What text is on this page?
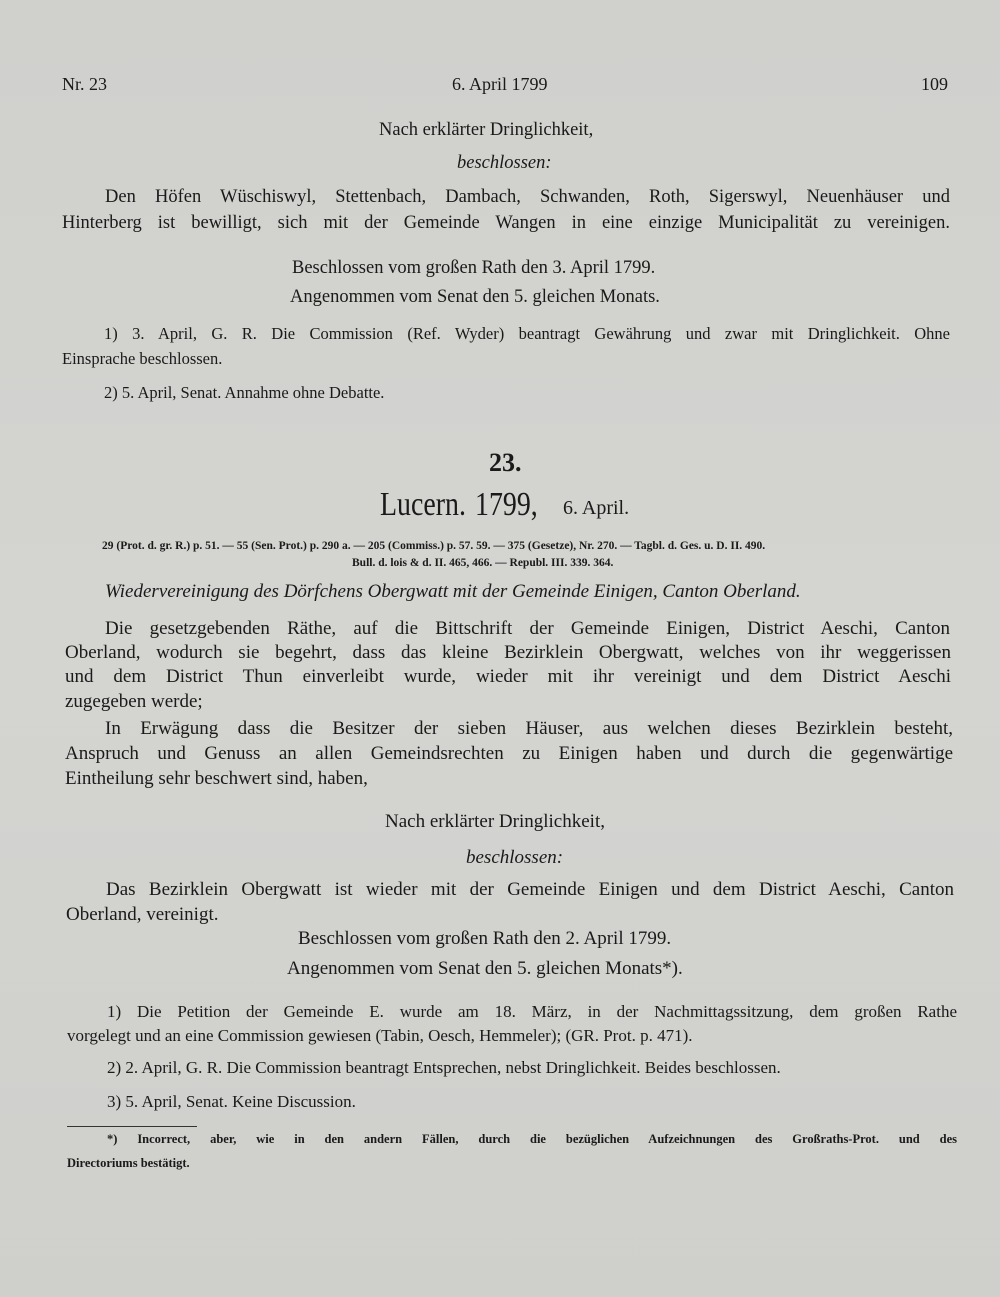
Nr. 23	6. April 1799	109
Nach erklärter Dringlichkeit,
beschlossen:
Den Höfen Wüschiswyl, Stettenbach, Dambach, Schwanden, Roth, Sigerswyl, Neuenhäuser und
Hinterberg ist bewilligt, sich mit der Gemeinde Wangen in eine einzige Municipalität zu vereinigen.
Beschlossen vom großen Rath den 3. April 1799.
Angenommen vom Senat den 5. gleichen Monats.
1) 3. April, G. R. Die Commission (Ref. Wyder) beantragt Gewährung und zwar mit Dringlichkeit. Ohne
Einsprache beschlossen.
2) 5. April, Senat. Annahme ohne Debatte.
23.
Lucern. 1799, 6. April.
29 (Prot. d. gr. R.) p. 51. — 55 (Sen. Prot.) p. 290 a. — 205 (Commiss.) p. 57. 59. — 375 (Gesetze), Nr. 270. — Tagbl. d. Ges. u. D. II. 490.
Bull. d. lois & d. II. 465, 466. — Republ. III. 339. 364.
Wiedervereinigung des Dörfchens Obergwatt mit der Gemeinde Einigen, Canton Oberland.
Die gesetzgebenden Räthe, auf die Bittschrift der Gemeinde Einigen, District Aeschi, Canton
Oberland, wodurch sie begehrt, dass das kleine Bezirklein Obergwatt, welches von ihr weggerissen
und dem District Thun einverleibt wurde, wieder mit ihr vereinigt und dem District Aeschi
zugegeben werde;
In Erwägung dass die Besitzer der sieben Häuser, aus welchen dieses Bezirklein besteht,
Anspruch und Genuss an allen Gemeindsrechten zu Einigen haben und durch die gegenwärtige
Eintheilung sehr beschwert sind, haben,
Nach erklärter Dringlichkeit,
beschlossen:
Das Bezirklein Obergwatt ist wieder mit der Gemeinde Einigen und dem District Aeschi, Canton
Oberland, vereinigt.
Beschlossen vom großen Rath den 2. April 1799.
Angenommen vom Senat den 5. gleichen Monats*).
1) Die Petition der Gemeinde E. wurde am 18. März, in der Nachmittagssitzung, dem großen Rathe
vorgelegt und an eine Commission gewiesen (Tabin, Oesch, Hemmeler); (GR. Prot. p. 471).
2) 2. April, G. R. Die Commission beantragt Entsprechen, nebst Dringlichkeit. Beides beschlossen.
3) 5. April, Senat. Keine Discussion.
*) Incorrect, aber, wie in den andern Fällen, durch die bezüglichen Aufzeichnungen des Großraths-Prot. und des
Directoriums bestätigt.
